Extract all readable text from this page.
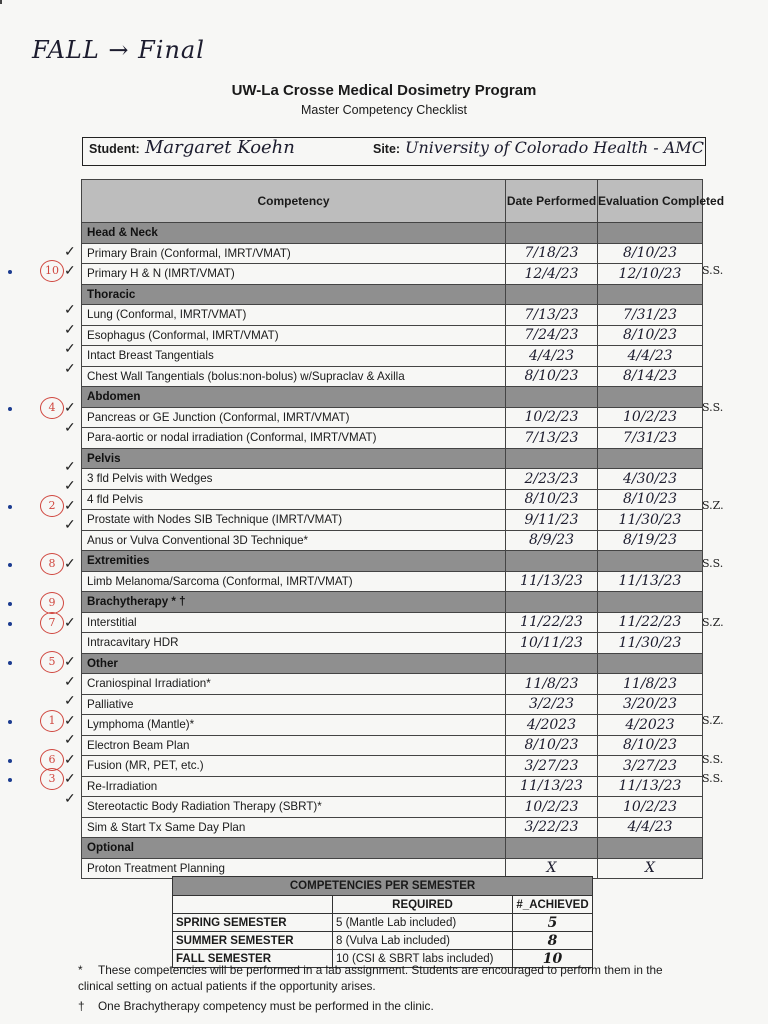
FALL → Final
UW-La Crosse Medical Dosimetry Program
Master Competency Checklist
Student: Margaret Koehn	Site: University of Colorado Health - AMC
Competency	Date Performed	Evaluation Completed
Head & Neck		
Primary Brain (Conformal, IMRT/VMAT)	7/18/23	8/10/23
Primary H & N (IMRT/VMAT)	12/4/23	12/10/23
Thoracic		
Lung (Conformal, IMRT/VMAT)	7/13/23	7/31/23
Esophagus (Conformal, IMRT/VMAT)	7/24/23	8/10/23
Intact Breast Tangentials	4/4/23	4/4/23
Chest Wall Tangentials (bolus:non-bolus) w/Supraclav & Axilla	8/10/23	8/14/23
Abdomen		
Pancreas or GE Junction (Conformal, IMRT/VMAT)	10/2/23	10/2/23
Para-aortic or nodal irradiation (Conformal, IMRT/VMAT)	7/13/23	7/31/23
Pelvis		
3 fld Pelvis with Wedges	2/23/23	4/30/23
4 fld Pelvis	8/10/23	8/10/23
Prostate with Nodes SIB Technique (IMRT/VMAT)	9/11/23	11/30/23
Anus or Vulva Conventional 3D Technique*	8/9/23	8/19/23
Extremities		
Limb Melanoma/Sarcoma (Conformal, IMRT/VMAT)	11/13/23	11/13/23
Brachytherapy * †		
Interstitial	11/22/23	11/22/23
Intracavitary HDR	10/11/23	11/30/23
Other		
Craniospinal Irradiation*	11/8/23	11/8/23
Palliative	3/2/23	3/20/23
Lymphoma (Mantle)*	4/2023	4/2023
Electron Beam Plan	8/10/23	8/10/23
Fusion (MR, PET, etc.)	3/27/23	3/27/23
Re-Irradiation	11/13/23	11/13/23
Stereotactic Body Radiation Therapy (SBRT)*	10/2/23	10/2/23
Sim & Start Tx Same Day Plan	3/22/23	4/4/23
Optional		
Proton Treatment Planning	X	X
✓
✓
10	S.S.
✓
✓
✓
✓
✓
4	S.S.
✓
✓
✓
✓
2	S.Z.
✓
✓
8	S.S.
9
✓
7	S.Z.
✓
5
✓
✓
✓
1	S.Z.
✓
✓
6	S.S.
✓
3	S.S.
✓
COMPETENCIES PER SEMESTER		
	REQUIRED	#_ACHIEVED
SPRING SEMESTER	5 (Mantle Lab included)	5
SUMMER SEMESTER	8 (Vulva Lab included)	8
FALL SEMESTER	10 (CSI & SBRT labs included)	10
* These competencies will be performed in a lab assignment. Students are encouraged to perform them in the clinical setting on actual patients if the opportunity arises.
† One Brachytherapy competency must be performed in the clinic.
